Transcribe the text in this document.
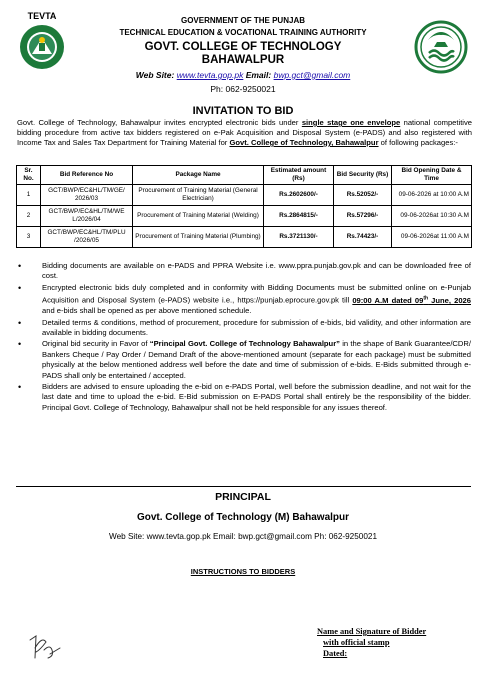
TEVTA	GOVERNMENT OF THE PUNJAB
TECHNICAL EDUCATION & VOCATIONAL TRAINING AUTHORITY
GOVT. COLLEGE OF TECHNOLOGY
BAHAWALPUR
Web Site: www.tevta.gop.pk Email: bwp.gct@gmail.com
Ph: 062-9250021
INVITATION TO BID
Govt. College of Technology, Bahawalpur invites encrypted electronic bids under single stage one envelope national competitive bidding procedure from active tax bidders registered on e-Pak Acquisition and Disposal System (e-PADS) and also registered with Income Tax and Sales Tax Department for Training Material for Govt. College of Technology, Bahawalpur of following packages:-
Sr. No.	Bid Reference No	Package Name	Estimated amount (Rs)	Bid Security (Rs)	Bid Opening Date & Time
1	GCT/BWP/EC&HL/TM/GE/ 2026/03	Procurement of Training Material (General Electrician)	Rs.2602600/-	Rs.52052/-	09-06-2026 at 10:00 A.M
2	GCT/BWP/EC&HL/TM/WE L/2026/04	Procurement of Training Material (Welding)	Rs.2864815/-	Rs.57296/-	09-06-2026at 10:30 A.M
3	GCT/BWP/EC&HL/TM/PLU /2026/05	Procurement of Training Material (Plumbing)	Rs.3721130/-	Rs.74423/-	09-06-2026at 11:00 A.M
•	Bidding documents are available on e-PADS and PPRA Website i.e. www.ppra.punjab.gov.pk and can be downloaded free of cost.
•	Encrypted electronic bids duly completed and in conformity with Bidding Documents must be submitted online on e-Punjab Acquisition and Disposal System (e-PADS) website i.e., https://punjab.eprocure.gov.pk till 09:00 A.M dated 09th June, 2026 and e-bids shall be opened as per above mentioned schedule.
•	Detailed terms & conditions, method of procurement, procedure for submission of e-bids, bid validity, and other information are available in bidding documents.
•	Original bid security in Favor of “Principal Govt. College of Technology Bahawalpur” in the shape of Bank Guarantee/CDR/ Bankers Cheque / Pay Order / Demand Draft of the above-mentioned amount (separate for each package) must be submitted physically at the below mentioned address well before the date and time of submission of e-bids. E-Bids submitted through e-PADS shall only be entertained / accepted.
•	Bidders are advised to ensure uploading the e-bid on e-PADS Portal, well before the submission deadline, and not wait for the last date and time to upload the e-bid. E-Bid submission on E-PADS Portal shall entirely be the responsibility of the bidder. Principal Govt. College of Technology, Bahawalpur shall not be held responsible for any issues thereof.
PRINCIPAL
Govt. College of Technology (M) Bahawalpur
Web Site: www.tevta.gop.pk Email: bwp.gct@gmail.com Ph: 062-9250021
INSTRUCTIONS TO BIDDERS
Name and Signature of Bidder
with official stamp
Dated:
